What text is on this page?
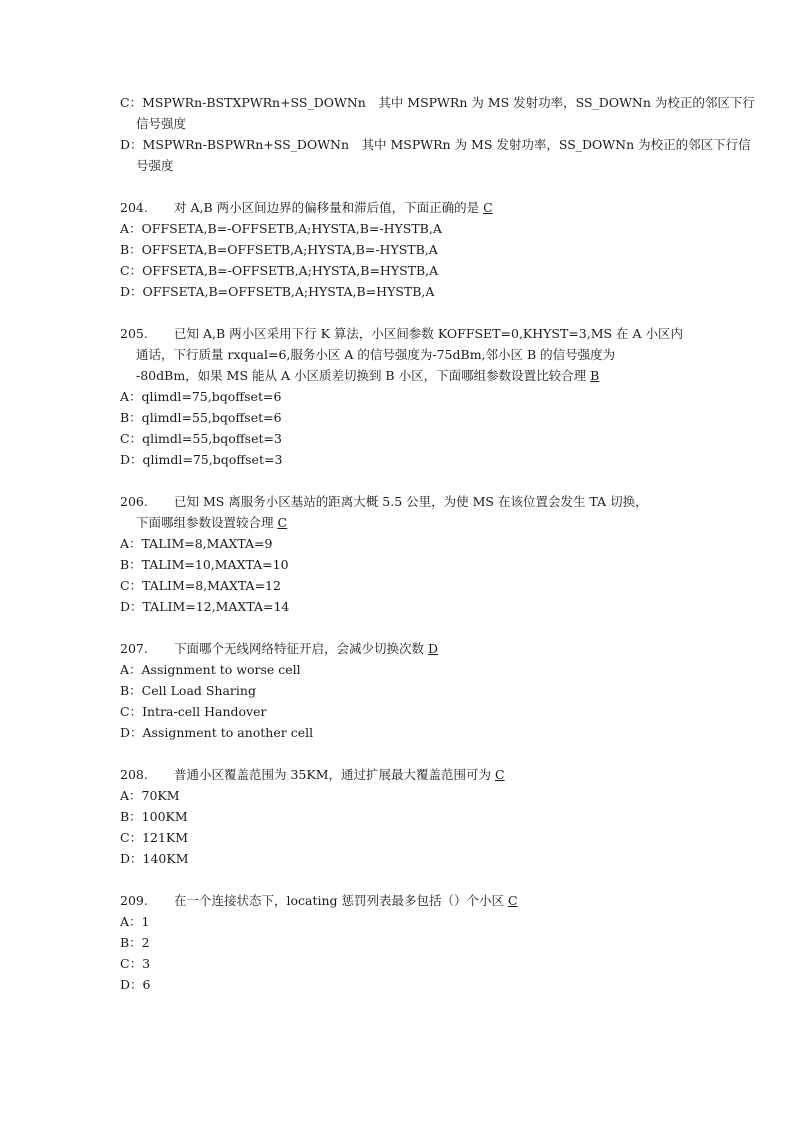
C：MSPWRn-BSTXPWRn+SS_DOWNn　其中 MSPWRn 为 MS 发射功率，SS_DOWNn 为校正的邻区下行
信号强度
D：MSPWRn-BSPWRn+SS_DOWNn　其中 MSPWRn 为 MS 发射功率，SS_DOWNn 为校正的邻区下行信
号强度
204.	对 A,B 两小区间边界的偏移量和滞后值，下面正确的是 C
A：OFFSETA,B=-OFFSETB,A;HYSTA,B=-HYSTB,A
B：OFFSETA,B=OFFSETB,A;HYSTA,B=-HYSTB,A
C：OFFSETA,B=-OFFSETB,A;HYSTA,B=HYSTB,A
D：OFFSETA,B=OFFSETB,A;HYSTA,B=HYSTB,A
205.	已知 A,B 两小区采用下行 K 算法，小区间参数 KOFFSET=0,KHYST=3,MS 在 A 小区内
通话，下行质量 rxqual=6,服务小区 A 的信号强度为-75dBm,邻小区 B 的信号强度为
-80dBm，如果 MS 能从 A 小区质差切换到 B 小区，下面哪组参数设置比较合理 B
A：qlimdl=75,bqoffset=6
B：qlimdl=55,bqoffset=6
C：qlimdl=55,bqoffset=3
D：qlimdl=75,bqoffset=3
206.	已知 MS 离服务小区基站的距离大概 5.5 公里，为使 MS 在该位置会发生 TA 切换，
下面哪组参数设置较合理 C
A：TALIM=8,MAXTA=9
B：TALIM=10,MAXTA=10
C：TALIM=8,MAXTA=12
D：TALIM=12,MAXTA=14
207.	下面哪个无线网络特征开启，会减少切换次数 D
A：Assignment to worse cell
B：Cell Load Sharing
C：Intra-cell Handover
D：Assignment to another cell
208.	普通小区覆盖范围为 35KM，通过扩展最大覆盖范围可为 C
A：70KM
B：100KM
C：121KM
D：140KM
209.	在一个连接状态下，locating 惩罚列表最多包括（）个小区 C
A：1
B：2
C：3
D：6
